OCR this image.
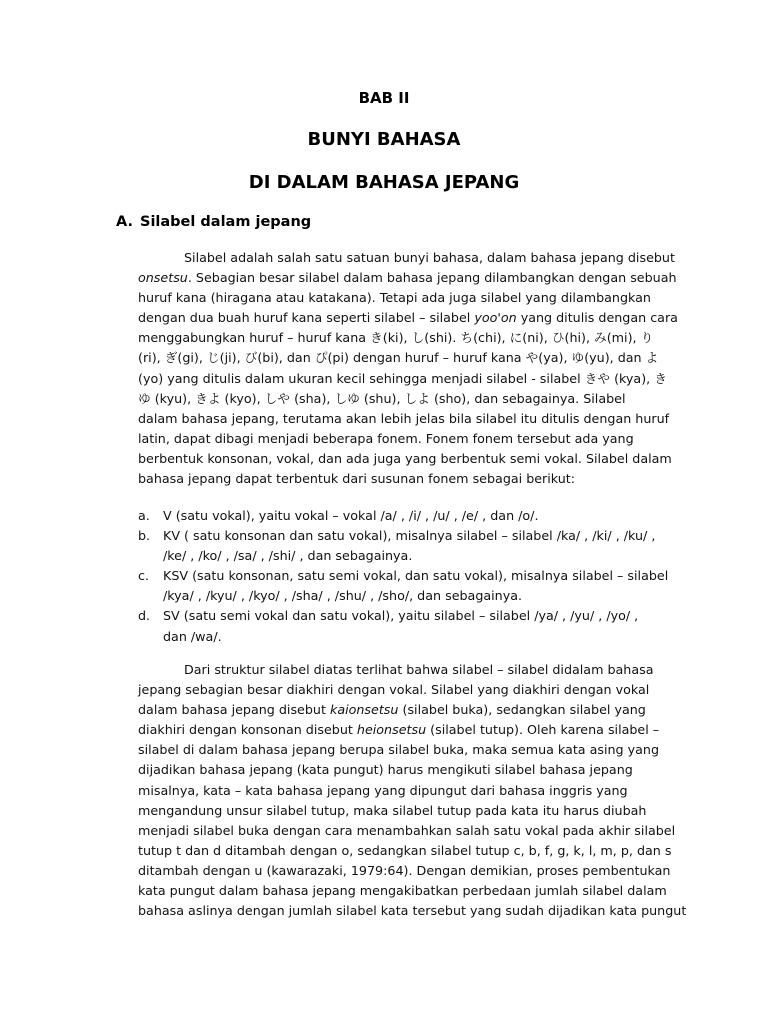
BAB II
BUNYI BAHASA
DI DALAM BAHASA JEPANG
A. Silabel dalam jepang
Silabel adalah salah satu satuan bunyi bahasa, dalam bahasa jepang disebut
onsetsu. Sebagian besar silabel dalam bahasa jepang dilambangkan dengan sebuah
huruf kana (hiragana atau katakana). Tetapi ada juga silabel yang dilambangkan
dengan dua buah huruf kana seperti silabel – silabel yoo'on yang ditulis dengan cara
menggabungkan huruf – huruf kana き(ki), し(shi). ち(chi), に(ni), ひ(hi), み(mi), り
(ri), ぎ(gi), じ(ji), び(bi), dan ぴ(pi) dengan huruf – huruf kana や(ya), ゆ(yu), dan よ
(yo) yang ditulis dalam ukuran kecil sehingga menjadi silabel - silabel きや (kya), き
ゆ (kyu), きよ (kyo), しや (sha), しゆ (shu), しよ (sho), dan sebagainya. Silabel
dalam bahasa jepang, terutama akan lebih jelas bila silabel itu ditulis dengan huruf
latin, dapat dibagi menjadi beberapa fonem. Fonem fonem tersebut ada yang
berbentuk konsonan, vokal, dan ada juga yang berbentuk semi vokal. Silabel dalam
bahasa jepang dapat terbentuk dari susunan fonem sebagai berikut:
a. V (satu vokal), yaitu vokal – vokal /a/ , /i/ , /u/ , /e/ , dan /o/.
b. KV ( satu konsonan dan satu vokal), misalnya silabel – silabel /ka/ , /ki/ , /ku/ ,
/ke/ , /ko/ , /sa/ , /shi/ , dan sebagainya.
c. KSV (satu konsonan, satu semi vokal, dan satu vokal), misalnya silabel – silabel
/kya/ , /kyu/ , /kyo/ , /sha/ , /shu/ , /sho/, dan sebagainya.
d. SV (satu semi vokal dan satu vokal), yaitu silabel – silabel /ya/ , /yu/ , /yo/ ,
dan /wa/.
Dari struktur silabel diatas terlihat bahwa silabel – silabel didalam bahasa
jepang sebagian besar diakhiri dengan vokal. Silabel yang diakhiri dengan vokal
dalam bahasa jepang disebut kaionsetsu (silabel buka), sedangkan silabel yang
diakhiri dengan konsonan disebut heionsetsu (silabel tutup). Oleh karena silabel –
silabel di dalam bahasa jepang berupa silabel buka, maka semua kata asing yang
dijadikan bahasa jepang (kata pungut) harus mengikuti silabel bahasa jepang
misalnya, kata – kata bahasa jepang yang dipungut dari bahasa inggris yang
mengandung unsur silabel tutup, maka silabel tutup pada kata itu harus diubah
menjadi silabel buka dengan cara menambahkan salah satu vokal pada akhir silabel
tutup t dan d ditambah dengan o, sedangkan silabel tutup c, b, f, g, k, l, m, p, dan s
ditambah dengan u (kawarazaki, 1979:64). Dengan demikian, proses pembentukan
kata pungut dalam bahasa jepang mengakibatkan perbedaan jumlah silabel dalam
bahasa aslinya dengan jumlah silabel kata tersebut yang sudah dijadikan kata pungut
